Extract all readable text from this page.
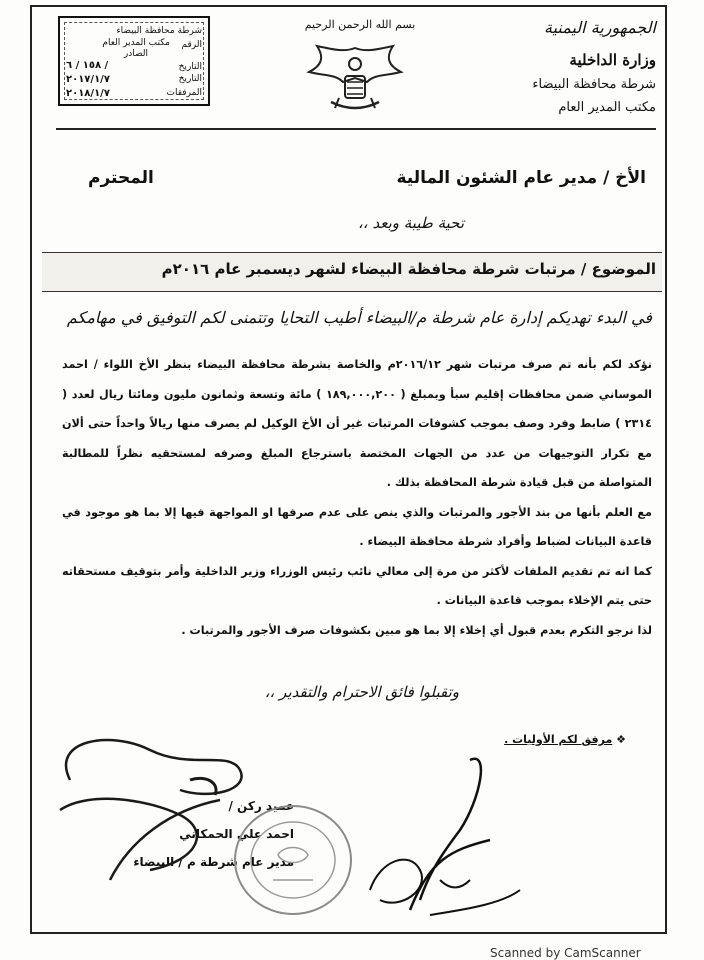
الجمهورية اليمنية
وزارة الداخلية
شرطة محافظة البيضاء
مكتب المدير العام
بسم الله الرحمن الرحيم
شرطة محافظة البيضاء
مكتب المدير العام
الصادر
الرقم
التاريخ
التاريخ
المرفقات
١٥٨ / ٦ /
٢٠١٧/١/٧
٢٠١٨/١/٧
الأخ / مدير عام الشئون المالية
المحترم
تحية طيبة وبعد ،،
الموضوع / مرتبات شرطة محافظة البيضاء لشهر ديسمبر عام ٢٠١٦م
في البدء تهديكم إدارة عام شرطة م/البيضاء أطيب التحايا وتتمنى لكم التوفيق في مهامكم

نؤكد لكم بأنه تم صرف مرتبات شهر ٢٠١٦/١٢م والخاصة بشرطة محافظة البيضاء بنظر الأخ اللواء / احمد الموساني ضمن محافظات إقليم سبأ وبمبلغ ( ١٨٩,٠٠٠,٢٠٠ ) مائة وتسعة وثمانون مليون ومائتا ريال لعدد ( ٢٣١٤ ) ضابط وفرد وصف بموجب كشوفات المرتبات غير أن الأخ الوكيل لم يصرف منها ريالاً واحداً حتى ألان مع تكرار التوجيهات من عدد من الجهات المختصة باسترجاع المبلغ وصرفه لمستحقيه نظراً للمطالبة المتواصلة من قبل قيادة شرطة المحافظة بذلك .

مع العلم بأنها من بند الأجور والمرتبات والذي ينص على عدم صرفها او المواجهة فيها إلا بما هو موجود في قاعدة البيانات لضباط وأفراد شرطة محافظة البيضاء .

كما انه تم تقديم الملفات لأكثر من مرة إلى معالي نائب رئيس الوزراء وزير الداخلية وأمر بتوقيف مستحقاته حتى يتم الإخلاء بموجب قاعدة البيانات .

لذا نرجو التكرم بعدم قبول أي إخلاء إلا بما هو مبين بكشوفات صرف الأجور والمرتبات .

وتقبلوا فائق الاحترام والتقدير ،،
❖ مرفق لكم الأوليات .
عميد ركن /
احمد علي الحمكاني
مدير عام شرطة م / البيضاء
Scanned by CamScanner
